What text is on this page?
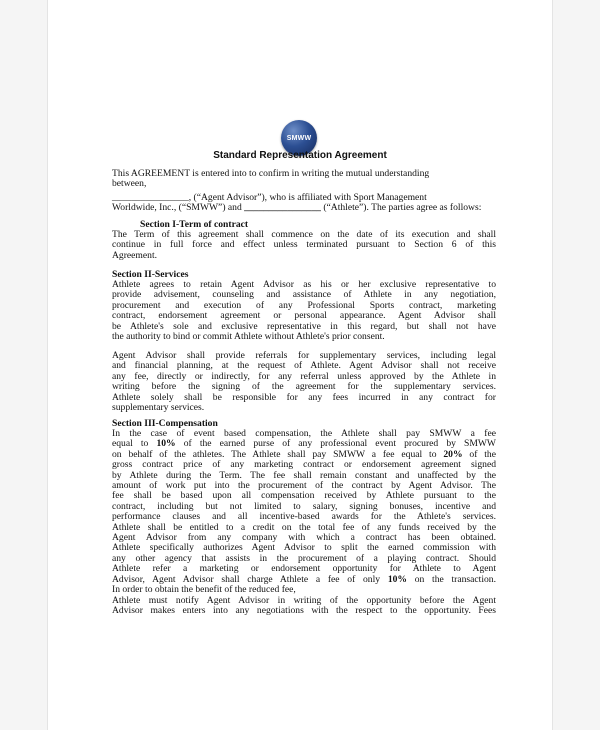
SMWW
Standard Representation Agreement
This AGREEMENT is entered into to confirm in writing the mutual understanding
between,
________________, (“Agent Advisor”), who is affiliated with Sport Management
Worldwide, Inc., (“SMWW”) and ________________ (“Athlete”). The parties agree as follows:
Section I-Term of contract
The Term of this agreement shall commence on the date of its execution and shall
continue in full force and effect unless terminated pursuant to Section 6 of this
Agreement.
Section II-Services
Athlete agrees to retain Agent Advisor as his or her exclusive representative to
provide advisement, counseling and assistance of Athlete in any negotiation,
procurement and execution of any Professional Sports contract, marketing
contract, endorsement agreement or personal appearance. Agent Advisor shall
be Athlete's sole and exclusive representative in this regard, but shall not have
the authority to bind or commit Athlete without Athlete's prior consent.
Agent Advisor shall provide referrals for supplementary services, including legal
and financial planning, at the request of Athlete. Agent Advisor shall not receive
any fee, directly or indirectly, for any referral unless approved by the Athlete in
writing before the signing of the agreement for the supplementary services.
Athlete solely shall be responsible for any fees incurred in any contract for
supplementary services.
Section III-Compensation
In the case of event based compensation, the Athlete shall pay SMWW a fee
equal to 10% of the earned purse of any professional event procured by SMWW
on behalf of the athletes. The Athlete shall pay SMWW a fee equal to 20% of the
gross contract price of any marketing contract or endorsement agreement signed
by Athlete during the Term. The fee shall remain constant and unaffected by the
amount of work put into the procurement of the contract by Agent Advisor. The
fee shall be based upon all compensation received by Athlete pursuant to the
contract, including but not limited to salary, signing bonuses, incentive and
performance clauses and all incentive-based awards for the Athlete's services.
Athlete shall be entitled to a credit on the total fee of any funds received by the
Agent Advisor from any company with which a contract has been obtained.
Athlete specifically authorizes Agent Advisor to split the earned commission with
any other agency that assists in the procurement of a playing contract. Should
Athlete refer a marketing or endorsement opportunity for Athlete to Agent
Advisor, Agent Advisor shall charge Athlete a fee of only 10% on the transaction.
In order to obtain the benefit of the reduced fee,
Athlete must notify Agent Advisor in writing of the opportunity before the Agent
Advisor makes enters into any negotiations with the respect to the opportunity. Fees
